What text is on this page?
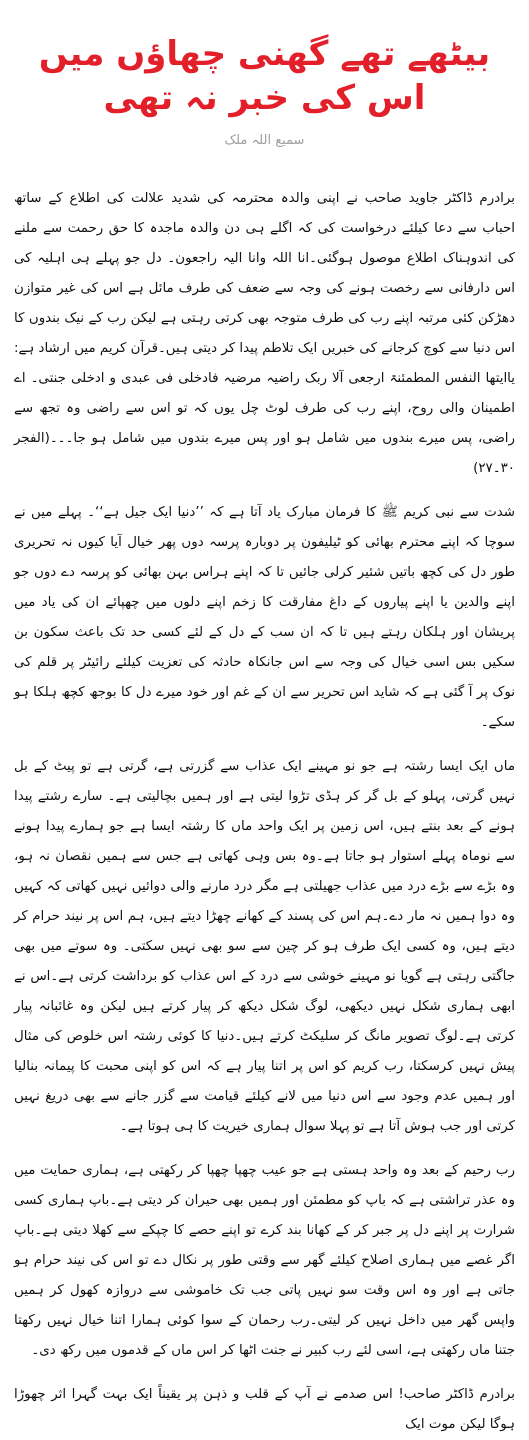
بیٹھے تھے گھنی چھاؤں میں اس کی خبر نہ تھی
سمیع اللہ ملک

برادرم ڈاکٹر جاوید صاحب نے اپنی والدہ محترمہ کی شدید علالت کی اطلاع کے ساتھ احباب سے دعا کیلئے درخواست کی کہ اگلے ہی دن والدہ ماجدہ کا حق رحمت سے ملنے کی اندوہناک اطلاع موصول ہوگئی۔انا اللہ وانا الیہ راجعون۔ دل جو پہلے ہی اہلیہ کی اس دارفانی سے رخصت ہونے کی وجہ سے ضعف کی طرف مائل ہے اس کی غیر متوازن دھڑکن کئی مرتبہ اپنے رب کی طرف متوجہ بھی کرتی رہتی ہے لیکن رب کے نیک بندوں کا اس دنیا سے کوچ کرجانے کی خبریں ایک تلاطم پیدا کر دیتی ہیں۔قرآن کریم میں ارشاد ہے: یاایتھا النفس المطمئنۃ ارجعی آلا ربک راضیہ مرضیہ فادخلی فی عبدی و ادخلی جنتی۔ اے اطمینان والی روح، اپنے رب کی طرف لوٹ چل یوں کہ تو اس سے راضی وہ تجھ سے راضی، پس میرے بندوں میں شامل ہو اور پس میرے بندوں میں شامل ہو جا۔۔۔(الفجر ۳۰۔۲۷)

شدت سے نبی کریم ﷺ کا فرمان مبارک یاد آتا ہے کہ ’’دنیا ایک جیل ہے‘‘۔ پہلے میں نے سوچا کہ اپنے محترم بھائی کو ٹیلیفون پر دوبارہ پرسہ دوں پھر خیال آیا کیوں نہ تحریری طور دل کی کچھ باتیں شئیر کرلی جائیں تا کہ اپنے ہراس بہن بھائی کو پرسہ دے دوں جو اپنے والدین یا اپنے پیاروں کے داغ مفارقت کا زخم اپنے دلوں میں چھپائے ان کی یاد میں پریشان اور ہلکان رہتے ہیں تا کہ ان سب کے دل کے لئے کسی حد تک باعث سکون بن سکیں بس اسی خیال کی وجہ سے اس جانکاہ حادثہ کی تعزیت کیلئے رائیٹر پر قلم کی نوک پر آ گئی ہے کہ شاید اس تحریر سے ان کے غم اور خود میرے دل کا بوجھ کچھ ہلکا ہو سکے۔

ماں ایک ایسا رشتہ ہے جو نو مہینے ایک عذاب سے گزرتی ہے، گرتی ہے تو پیٹ کے بل نہیں گرتی، پہلو کے بل گر کر ہڈی تڑوا لیتی ہے اور ہمیں بچالیتی ہے۔ سارے رشتے پیدا ہونے کے بعد بنتے ہیں، اس زمین پر ایک واحد ماں کا رشتہ ایسا ہے جو ہمارے پیدا ہونے سے نوماہ پہلے استوار ہو جاتا ہے۔وہ بس وہی کھاتی ہے جس سے ہمیں نقصان نہ ہو، وہ بڑے سے بڑے درد میں عذاب جھیلتی ہے مگر درد مارنے والی دوائیں نہیں کھاتی کہ کہیں وہ دوا ہمیں نہ مار دے۔ہم اس کی پسند کے کھانے چھڑا دیتے ہیں، ہم اس پر نیند حرام کر دیتے ہیں، وہ کسی ایک طرف ہو کر چین سے سو بھی نہیں سکتی۔ وہ سوتے میں بھی جاگتی رہتی ہے گویا نو مہینے خوشی سے درد کے اس عذاب کو برداشت کرتی ہے۔اس نے ابھی ہماری شکل نہیں دیکھی، لوگ شکل دیکھ کر پیار کرتے ہیں لیکن وہ غائبانہ پیار کرتی ہے۔لوگ تصویر مانگ کر سلیکٹ کرتے ہیں۔دنیا کا کوئی رشتہ اس خلوص کی مثال پیش نہیں کرسکتا، رب کریم کو اس پر اتنا پیار ہے کہ اس کو اپنی محبت کا پیمانہ بنالیا اور ہمیں عدم وجود سے اس دنیا میں لانے کیلئے قیامت سے گزر جانے سے بھی دریغ نہیں کرتی اور جب ہوش آتا ہے تو پہلا سوال ہماری خیریت کا ہی ہوتا ہے۔

رب رحیم کے بعد وہ واحد ہستی ہے جو عیب چھپا چھپا کر رکھتی ہے، ہماری حمایت میں وہ عذر تراشتی ہے کہ باپ کو مطمئن اور ہمیں بھی حیران کر دیتی ہے۔باپ ہماری کسی شرارت پر اپنے دل پر جبر کر کے کھانا بند کرے تو اپنے حصے کا چپکے سے کھلا دیتی ہے۔باپ اگر غصے میں ہماری اصلاح کیلئے گھر سے وقتی طور پر نکال دے تو اس کی نیند حرام ہو جاتی ہے اور وہ اس وقت سو نہیں پاتی جب تک خاموشی سے دروازہ کھول کر ہمیں واپس گھر میں داخل نہیں کر لیتی۔رب رحمان کے سوا کوئی ہمارا اتنا خیال نہیں رکھتا جتنا ماں رکھتی ہے، اسی لئے رب کبیر نے جنت اٹھا کر اس ماں کے قدموں میں رکھ دی۔

برادرم ڈاکٹر صاحب! اس صدمے نے آپ کے قلب و ذہن پر یقیناً ایک بہت گہرا اثر چھوڑا ہوگا لیکن موت ایک
